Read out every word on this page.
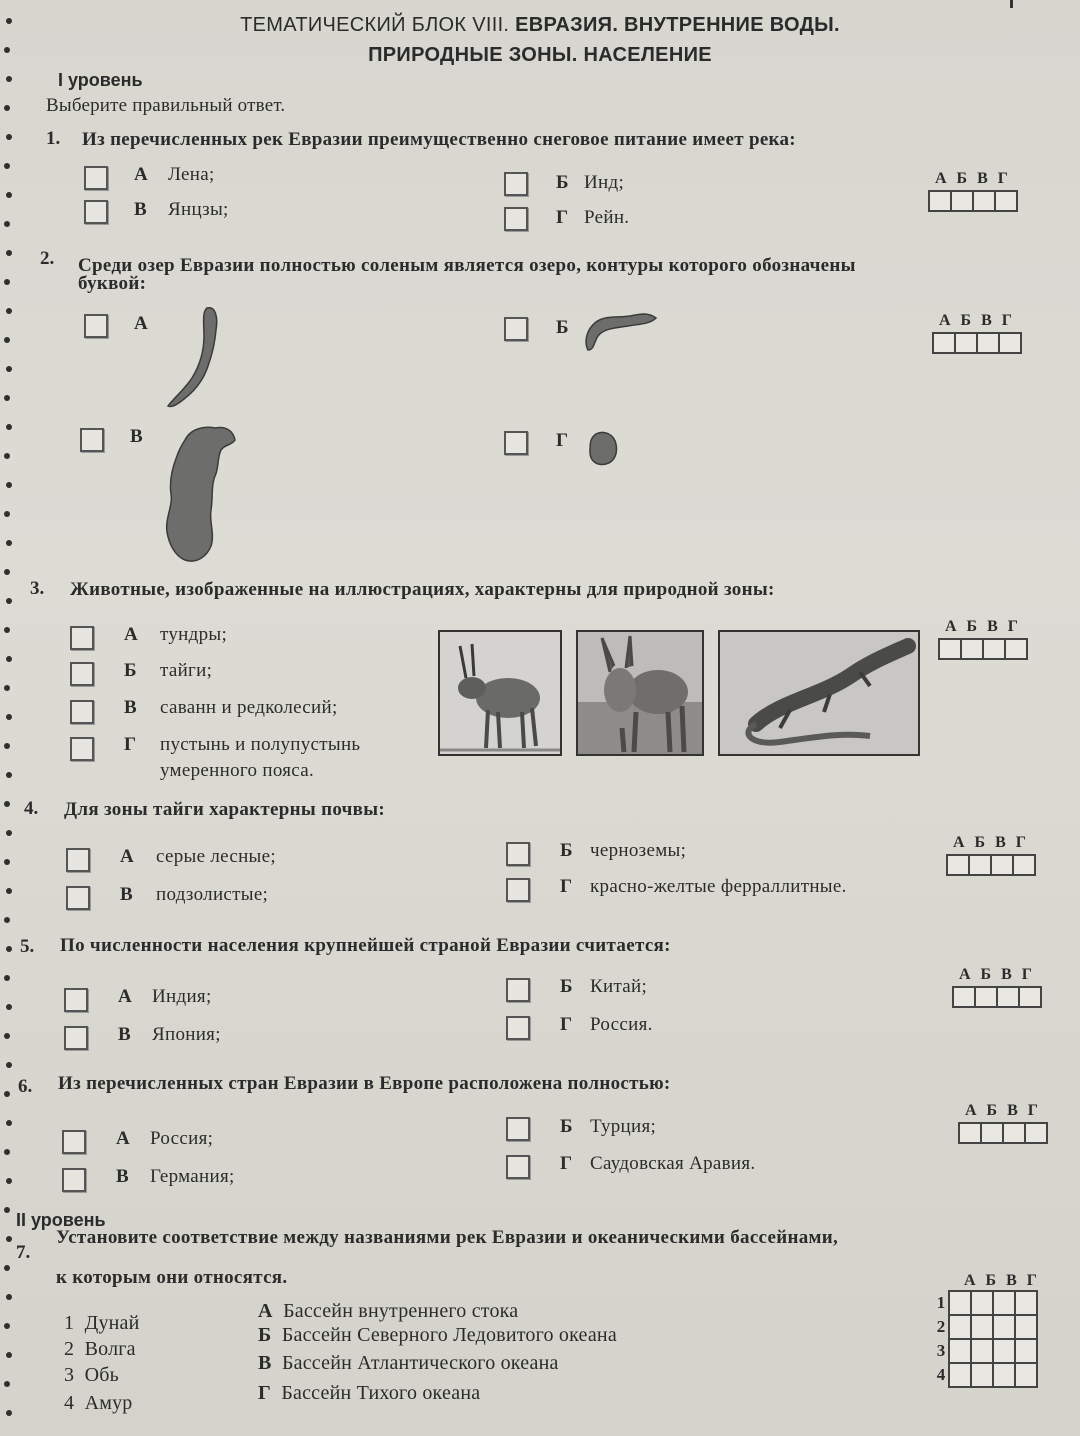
ТЕМАТИЧЕСКИЙ БЛОК VIII. ЕВРАЗИЯ. ВНУТРЕННИЕ ВОДЫ.
ПРИРОДНЫЕ ЗОНЫ. НАСЕЛЕНИЕ
I уровень
Выберите правильный ответ.
1. Из перечисленных рек Евразии преимущественно снеговое питание имеет река:
А Лена;	Б Инд;
В Янцзы;	Г Рейн.
А Б В Г
2. Среди озер Евразии полностью соленым является озеро, контуры которого обозначены
буквой:
А	Б	А Б В Г
В	Г
3. Животные, изображенные на иллюстрациях, характерны для природной зоны:
А тундры;
Б тайги;
В саванн и редколесий;
Г пустынь и полупустынь
умеренного пояса.
А Б В Г
4. Для зоны тайги характерны почвы:
А серые лесные;	Б черноземы;
В подзолистые;	Г красно-желтые ферраллитные.
А Б В Г
5. По численности населения крупнейшей страной Евразии считается:
А Индия;	Б Китай;
В Япония;	Г Россия.
А Б В Г
6. Из перечисленных стран Евразии в Европе расположена полностью:
А Россия;
Б Турция;
В Германия;
Г Саудовская Аравия.
А Б В Г
II уровень
7.
Установите соответствие между названиями рек Евразии и океаническими бассейнами,
к которым они относятся.
1 Дунай
2 Волга
3 Обь
4 Амур
А Бассейн внутреннего стока
Б Бассейн Северного Ледовитого океана
В Бассейн Атлантического океана
Г Бассейн Тихого океана
А Б В Г
1				
2				
3				
4				
